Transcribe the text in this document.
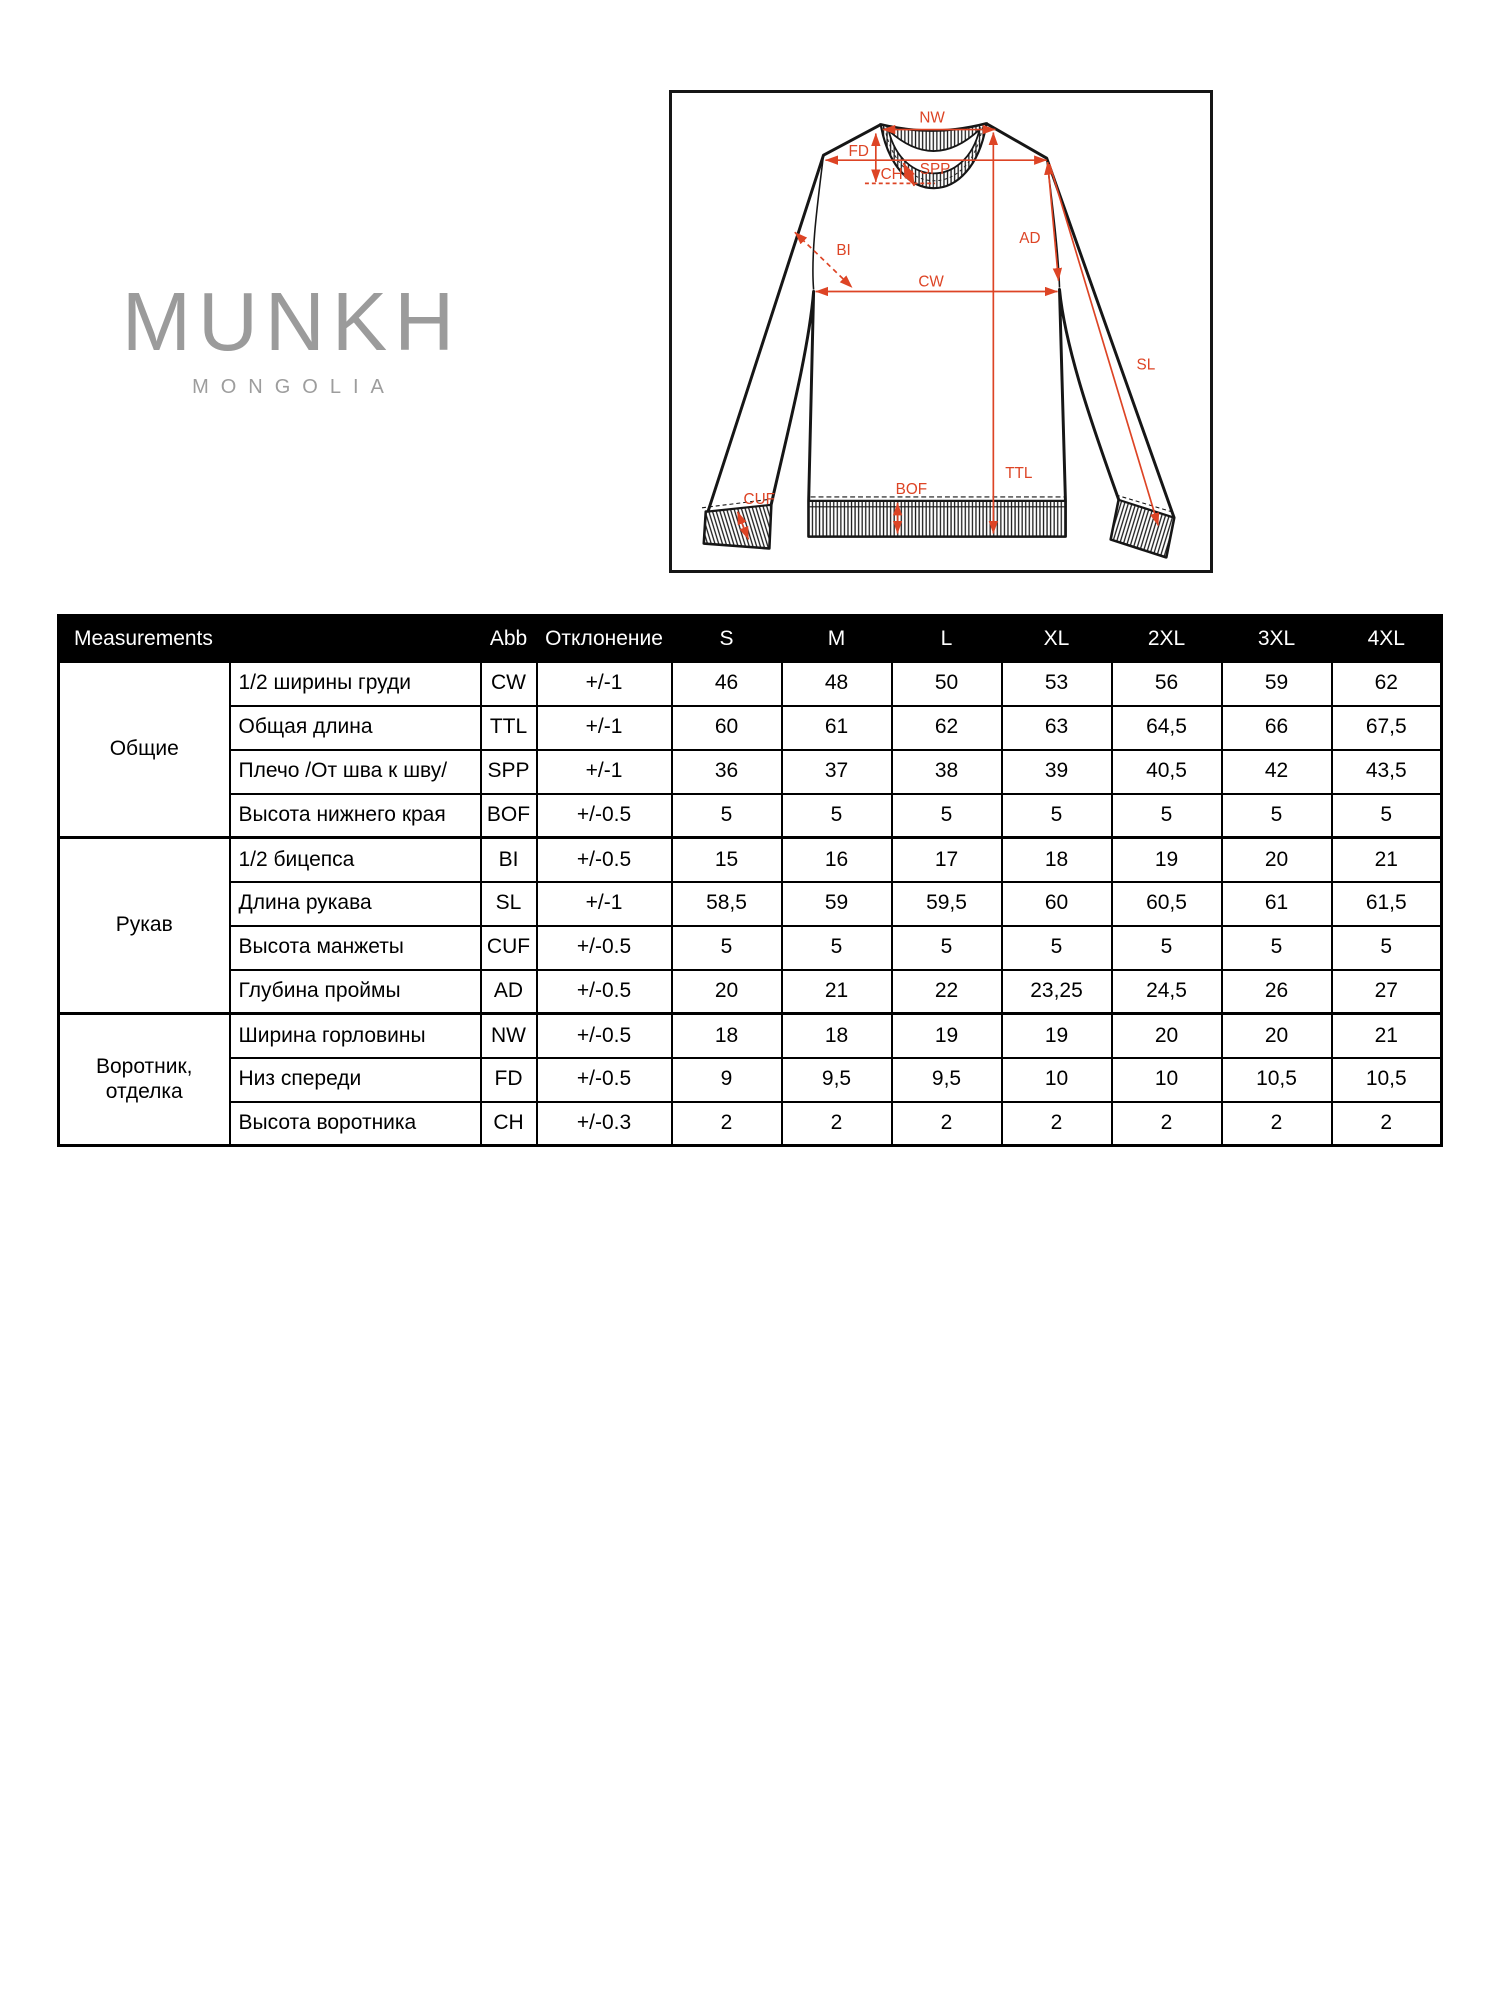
MUNKH
MONGOLIA
NW
FD
SPP
CH
BI
AD
CW
SL
TTL
BOF
CUF
Measurements		Abb	Отклонение	S	M	L	XL	2XL	3XL	4XL
Общие	1/2 ширины груди	CW	+/-1	46	48	50	53	56	59	62
	Общая длина	TTL	+/-1	60	61	62	63	64,5	66	67,5
	Плечо /От шва к шву/	SPP	+/-1	36	37	38	39	40,5	42	43,5
	Высота нижнего края	BOF	+/-0.5	5	5	5	5	5	5	5
Рукав	1/2 бицепса	BI	+/-0.5	15	16	17	18	19	20	21
	Длина рукава	SL	+/-1	58,5	59	59,5	60	60,5	61	61,5
	Высота манжеты	CUF	+/-0.5	5	5	5	5	5	5	5
	Глубина проймы	AD	+/-0.5	20	21	22	23,25	24,5	26	27
Воротник, отделка	Ширина горловины	NW	+/-0.5	18	18	19	19	20	20	21
	Низ спереди	FD	+/-0.5	9	9,5	9,5	10	10	10,5	10,5
	Высота воротника	CH	+/-0.3	2	2	2	2	2	2	2
